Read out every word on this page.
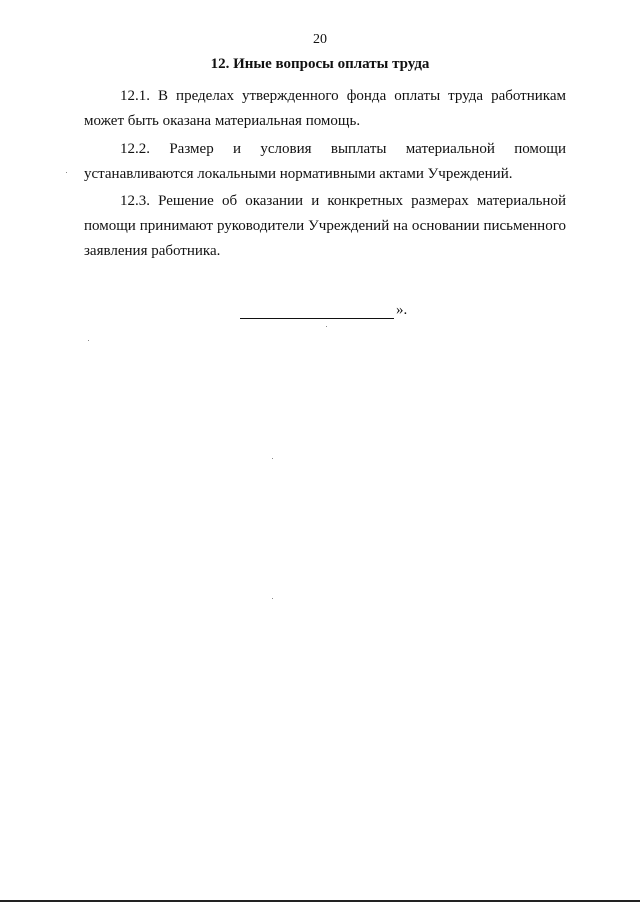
20
12. Иные вопросы оплаты труда

12.1. В пределах утвержденного фонда оплаты труда работникам может быть оказана материальная помощь.

12.2. Размер и условия выплаты материальной помощи устанавливаются локальными нормативными актами Учреждений.

12.3. Решение об оказании и конкретных размерах материальной помощи принимают руководители Учреждений на основании письменного заявления работника.

».
